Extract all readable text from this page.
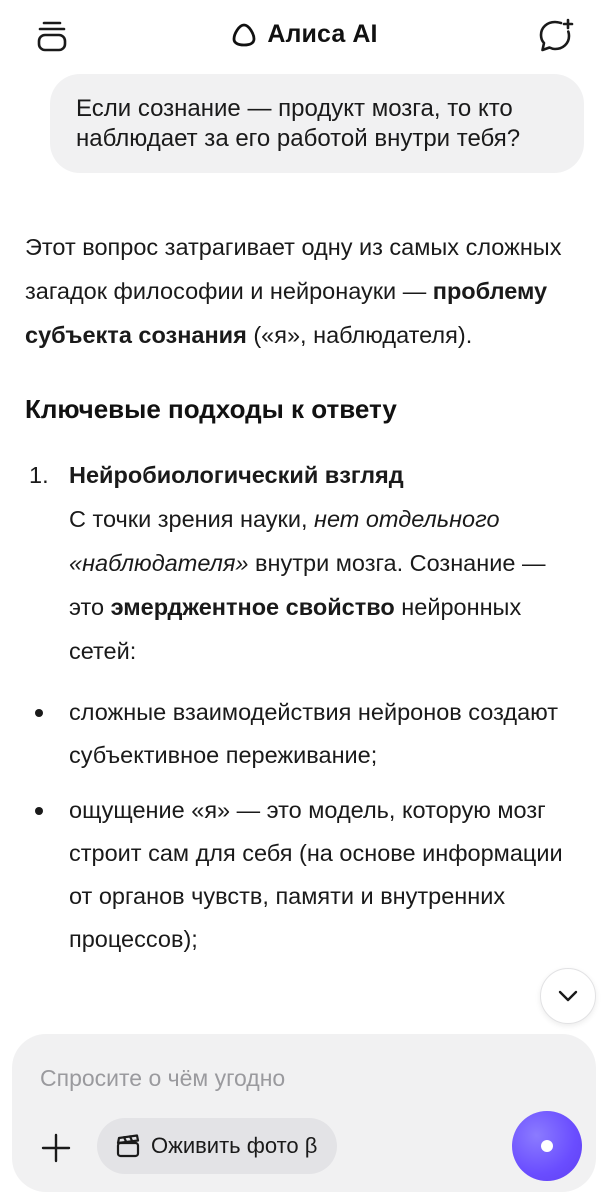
Алиса AI
Если сознание — продукт мозга, то кто наблюдает за его работой внутри тебя?

Этот вопрос затрагивает одну из самых сложных загадок философии и нейронауки — проблему субъекта сознания («я», наблюдателя).

Ключевые подходы к ответу
1. Нейробиологический взгляд
С точки зрения науки, нет отдельного «наблюдателя» внутри мозга. Сознание — это эмерджентное свойство нейронных сетей:
сложные взаимодействия нейронов создают субъективное переживание;
ощущение «я» — это модель, которую мозг строит сам для себя (на основе информации от органов чувств, памяти и внутренних процессов);
Спросите о чём угодно
Оживить фото β
